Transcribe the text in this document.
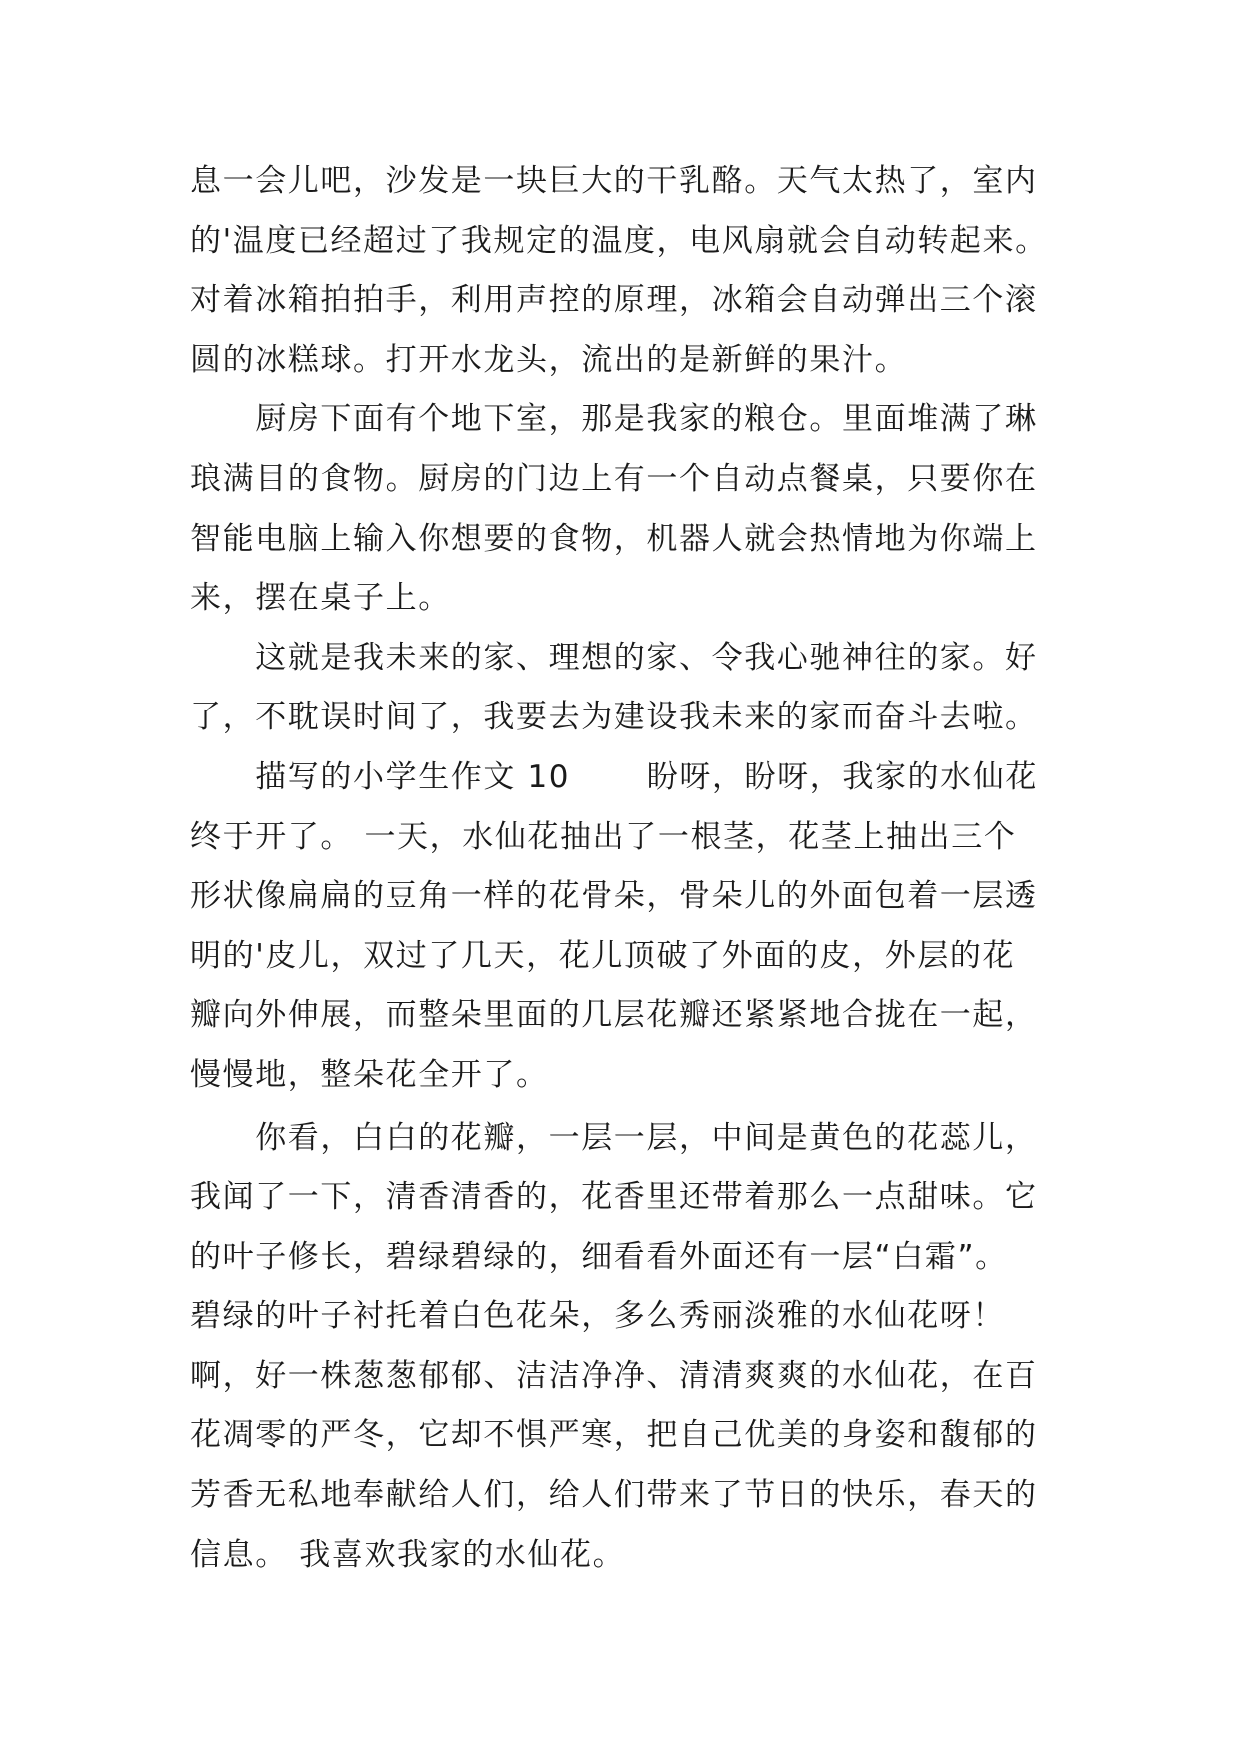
息一会儿吧，沙发是一块巨大的干乳酪。天气太热了，室内
的'温度已经超过了我规定的温度，电风扇就会自动转起来。
对着冰箱拍拍手，利用声控的原理，冰箱会自动弹出三个滚
圆的冰糕球。打开水龙头，流出的是新鲜的果汁。
　　厨房下面有个地下室，那是我家的粮仓。里面堆满了琳
琅满目的食物。厨房的门边上有一个自动点餐桌，只要你在
智能电脑上输入你想要的食物，机器人就会热情地为你端上
来，摆在桌子上。
　　这就是我未来的家、理想的家、令我心驰神往的家。好
了，不耽误时间了，我要去为建设我未来的家而奋斗去啦。
　　描写的小学生作文 10　　 盼呀，盼呀，我家的水仙花
终于开了。 一天，水仙花抽出了一根茎，花茎上抽出三个
形状像扁扁的豆角一样的花骨朵，骨朵儿的外面包着一层透
明的'皮儿，双过了几天，花儿顶破了外面的皮，外层的花
瓣向外伸展，而整朵里面的几层花瓣还紧紧地合拢在一起，
慢慢地，整朵花全开了。
　　你看，白白的花瓣，一层一层，中间是黄色的花蕊儿，
我闻了一下，清香清香的，花香里还带着那么一点甜味。它
的叶子修长，碧绿碧绿的，细看看外面还有一层“白霜”。
碧绿的叶子衬托着白色花朵，多么秀丽淡雅的水仙花呀！
啊，好一株葱葱郁郁、洁洁净净、清清爽爽的水仙花，在百
花凋零的严冬，它却不惧严寒，把自己优美的身姿和馥郁的
芳香无私地奉献给人们，给人们带来了节日的快乐，春天的
信息。 我喜欢我家的水仙花。
